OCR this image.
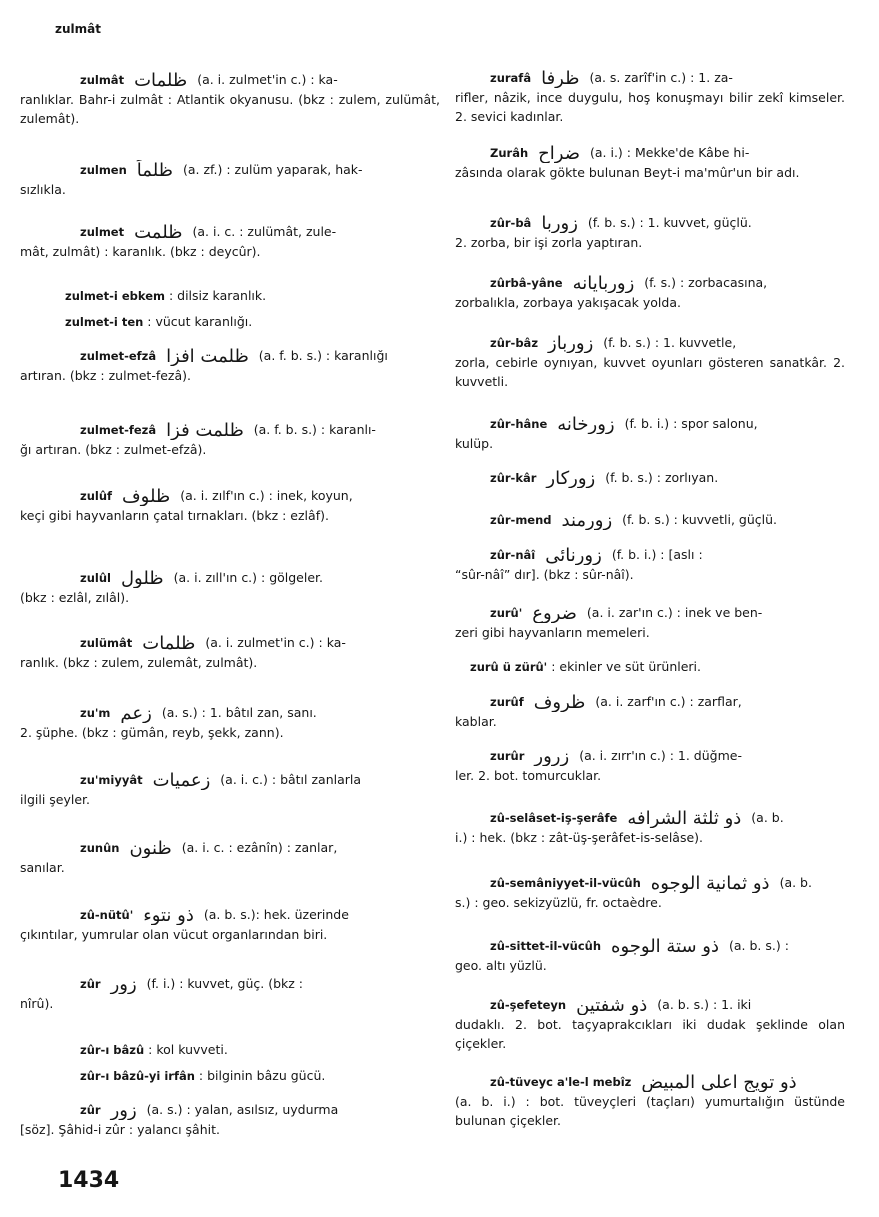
zulmât
zulmât ظلمات (a. i. zulmet'in c.) : ka-
ranlıklar. Bahr-i zulmât : Atlantik okyanusu. (bkz : zulem, zulümât, zulemât).
zulmen ظلماً (a. zf.) : zulüm yaparak, hak-
sızlıkla.
zulmet ظلمت (a. i. c. : zulümât, zule-
mât, zulmât) : karanlık. (bkz : deycûr).
zulmet-i ebkem : dilsiz karanlık.
zulmet-i ten : vücut karanlığı.
zulmet-efzâ ظلمت افزا (a. f. b. s.) : karanlığı
artıran. (bkz : zulmet-fezâ).
zulmet-fezâ ظلمت فزا (a. f. b. s.) : karanlı-
ğı artıran. (bkz : zulmet-efzâ).
zulûf ظلوف (a. i. zılf'ın c.) : inek, koyun,
keçi gibi hayvanların çatal tırnakları. (bkz : ezlâf).
zulûl ظلول (a. i. zıll'ın c.) : gölgeler.
(bkz : ezlâl, zılâl).
zulümât ظلمات (a. i. zulmet'in c.) : ka-
ranlık. (bkz : zulem, zulemât, zulmât).
zu'm زعم (a. s.) : 1. bâtıl zan, sanı.
2. şüphe. (bkz : gümân, reyb, şekk, zann).
zu'miyyât زعميات (a. i. c.) : bâtıl zanlarla
ilgili şeyler.
zunûn ظنون (a. i. c. : ezânîn) : zanlar,
sanılar.
zû-nütû' ذو نتوء (a. b. s.): hek. üzerinde
çıkıntılar, yumrular olan vücut organlarından biri.
zûr زور (f. i.) : kuvvet, güç. (bkz :
nîrû).
zûr-ı bâzû : kol kuvveti.
zûr-ı bâzû-yi irfân : bilginin bâzu gücü.
zûr زور (a. s.) : yalan, asılsız, uydurma
[söz]. Şâhid-i zûr : yalancı şâhit.
zurafâ ظرفا (a. s. zarîf'in c.) : 1. za-
rifler, nâzik, ince duygulu, hoş konuşmayı bilir zekî kimseler. 2. sevici kadınlar.
Zurâh ضراح (a. i.) : Mekke'de Kâbe hi-
zâsında olarak gökte bulunan Beyt-i ma'mûr'un bir adı.
zûr-bâ زوربا (f. b. s.) : 1. kuvvet, güçlü.
2. zorba, bir işi zorla yaptıran.
zûrbâ-yâne زوربايانه (f. s.) : zorbacasına,
zorbalıkla, zorbaya yakışacak yolda.
zûr-bâz زورباز (f. b. s.) : 1. kuvvetle,
zorla, cebirle oynıyan, kuvvet oyunları gösteren sanatkâr. 2. kuvvetli.
zûr-hâne زورخانه (f. b. i.) : spor salonu,
kulüp.
zûr-kâr زوركار (f. b. s.) : zorlıyan.
zûr-mend زورمند (f. b. s.) : kuvvetli, güçlü.
zûr-nâî زورنائى (f. b. i.) : [aslı :
“sûr-nâî” dır]. (bkz : sûr-nâî).
zurû' ضروع (a. i. zar'ın c.) : inek ve ben-
zeri gibi hayvanların memeleri.
zurû ü zürû' : ekinler ve süt ürünleri.
zurûf ظروف (a. i. zarf'ın c.) : zarflar,
kablar.
zurûr زرور (a. i. zırr'ın c.) : 1. düğme-
ler. 2. bot. tomurcuklar.
zû-selâset-iş-şerâfe ذو ثلثة الشرافه (a. b.
i.) : hek. (bkz : zât-üş-şerâfet-is-selâse).
zû-semâniyyet-il-vücûh ذو ثمانية الوجوه (a. b.
s.) : geo. sekizyüzlü, fr. octaèdre.
zû-sittet-il-vücûh ذو ستة الوجوه (a. b. s.) :
geo. altı yüzlü.
zû-şefeteyn ذو شفتين (a. b. s.) : 1. iki
dudaklı. 2. bot. taçyaprakcıkları iki dudak şeklinde olan çiçekler.
zû-tüveyc a'le-l mebîz ذو تويج اعلى المبيض
(a. b. i.) : bot. tüveyçleri (taçları) yumurtalığın üstünde bulunan çiçekler.
1434
